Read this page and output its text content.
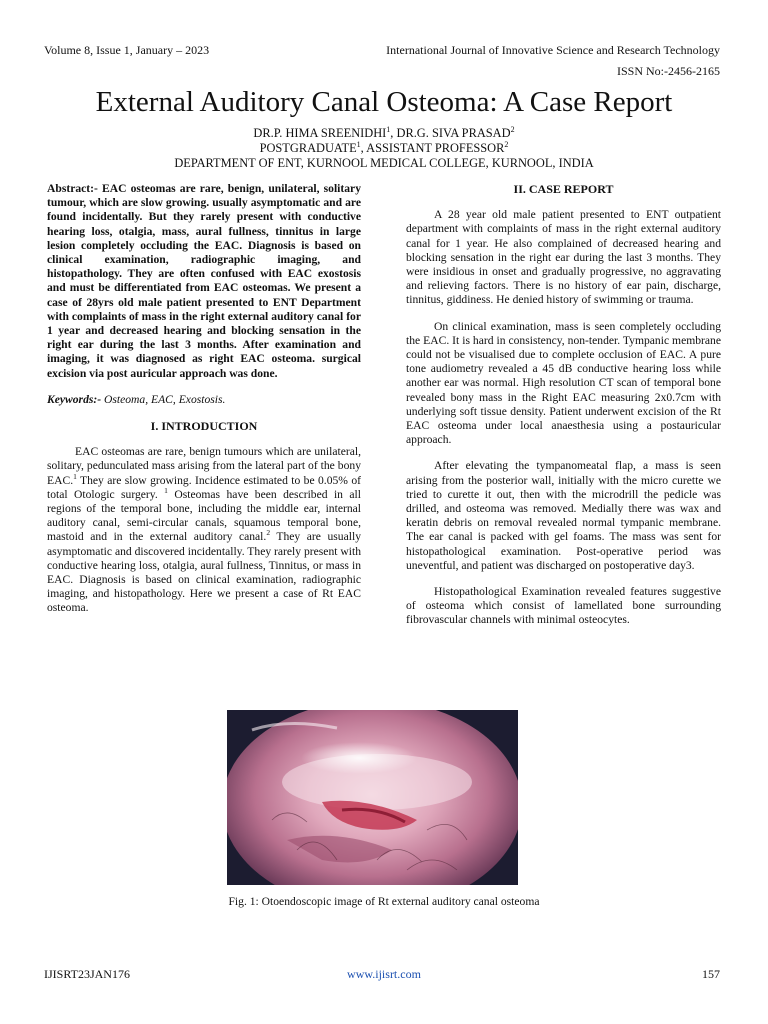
Volume 8, Issue 1, January – 2023	International Journal of Innovative Science and Research Technology
ISSN No:-2456-2165
External Auditory Canal Osteoma: A Case Report
DR.P. HIMA SREENIDHI$^1$, DR.G. SIVA PRASAD$^2$
POSTGRADUATE$^1$, ASSISTANT PROFESSOR$^2$
DEPARTMENT OF ENT, KURNOOL MEDICAL COLLEGE, KURNOOL, INDIA

Abstract:- EAC osteomas are rare, benign, unilateral, solitary tumour, which are slow growing. usually asymptomatic and are found incidentally. But they rarely present with conductive hearing loss, otalgia, mass, aural fullness, tinnitus in large lesion completely occluding the EAC. Diagnosis is based on clinical examination, radiographic imaging, and histopathology. They are often confused with EAC exostosis and must be differentiated from EAC osteomas. We present a case of 28yrs old male patient presented to ENT Department with complaints of mass in the right external auditory canal for 1 year and decreased hearing and blocking sensation in the right ear during the last 3 months. After examination and imaging, it was diagnosed as right EAC osteoma. surgical excision via post auricular approach was done.

Keywords:- Osteoma, EAC, Exostosis.

I. INTRODUCTION

EAC osteomas are rare, benign tumours which are unilateral, solitary, pedunculated mass arising from the lateral part of the bony EAC.$^1$ They are slow growing. Incidence estimated to be 0.05% of total Otologic surgery. $^1$ Osteomas have been described in all regions of the temporal bone, including the middle ear, internal auditory canal, semi-circular canals, squamous temporal bone, mastoid and in the external auditory canal.$^2$ They are usually asymptomatic and discovered incidentally. They rarely present with conductive hearing loss, otalgia, aural fullness, Tinnitus, or mass in EAC. Diagnosis is based on clinical examination, radiographic imaging, and histopathology. Here we present a case of Rt EAC osteoma.

II. CASE REPORT

A 28 year old male patient presented to ENT outpatient department with complaints of mass in the right external auditory canal for 1 year. He also complained of decreased hearing and blocking sensation in the right ear during the last 3 months. They were insidious in onset and gradually progressive, no aggravating and relieving factors. There is no history of ear pain, discharge, tinnitus, giddiness. He denied history of swimming or trauma.

On clinical examination, mass is seen completely occluding the EAC. It is hard in consistency, non-tender. Tympanic membrane could not be visualised due to complete occlusion of EAC. A pure tone audiometry revealed a 45 dB conductive hearing loss while another ear was normal. High resolution CT scan of temporal bone revealed bony mass in the Right EAC measuring 2x0.7cm with underlying soft tissue density. Patient underwent excision of the Rt EAC osteoma under local anaesthesia using a postauricular approach.

After elevating the tympanomeatal flap, a mass is seen arising from the posterior wall, initially with the micro curette we tried to curette it out, then with the microdrill the pedicle was drilled, and osteoma was removed. Medially there was wax and keratin debris on removal revealed normal tympanic membrane. The ear canal is packed with gel foams. The mass was sent for histopathological examination. Post-operative period was uneventful, and patient was discharged on postoperative day3.

Histopathological Examination revealed features suggestive of osteoma which consist of lamellated bone surrounding fibrovascular channels with minimal osteocytes.

Fig. 1: Otoendoscopic image of Rt external auditory canal osteoma
IJISRT23JAN176	www.ijisrt.com	157
